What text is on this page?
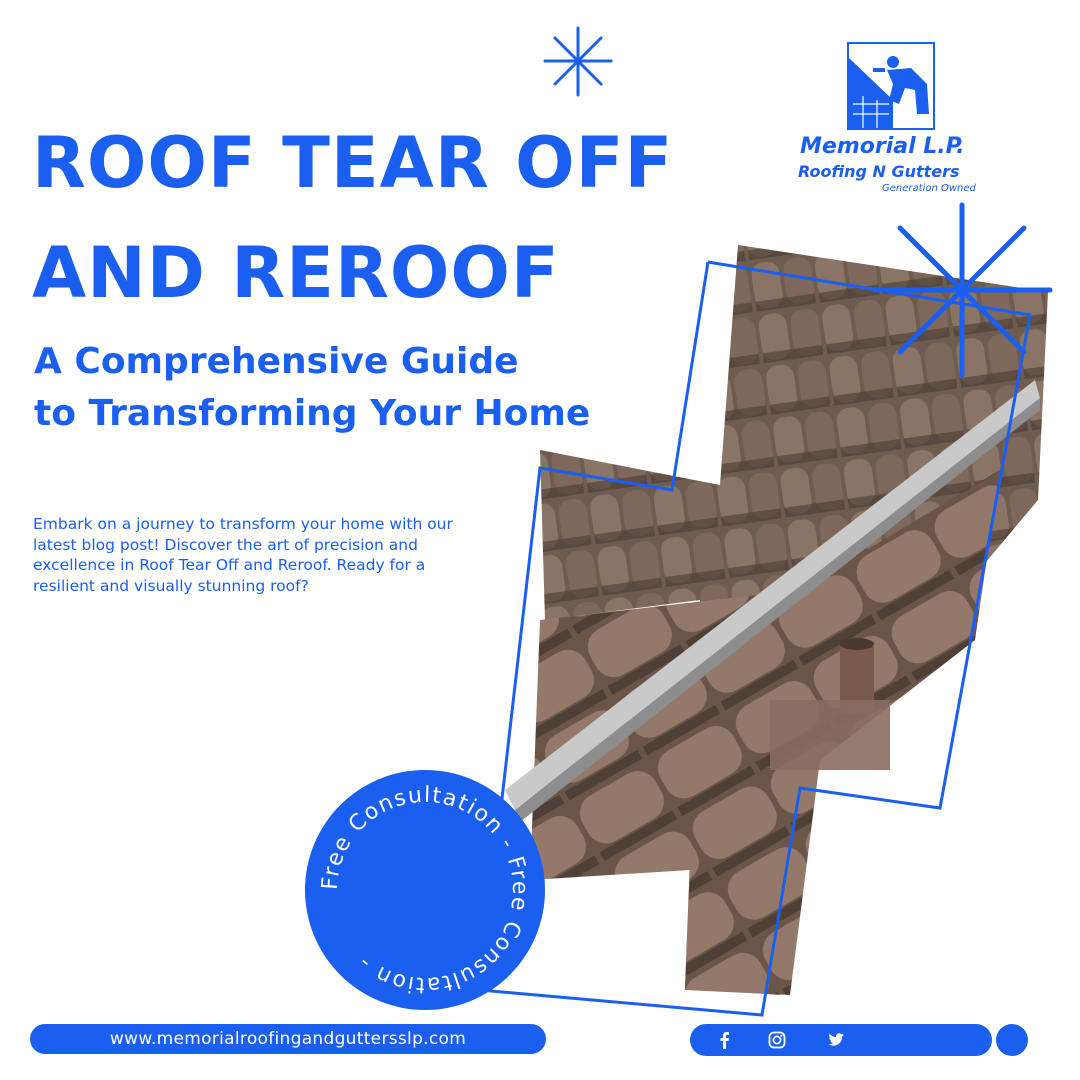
ROOF TEAR OFF
AND REROOF
A Comprehensive Guide
to Transforming Your Home

Embark on a journey to transform your home with our latest blog post! Discover the art of precision and excellence in Roof Tear Off and Reroof. Ready for a resilient and visually stunning roof?

Memorial L.P.
Roofing N Gutters
Generation Owned
Free Consultation - Free Consultation -
www.memorialroofingandguttersslp.com
